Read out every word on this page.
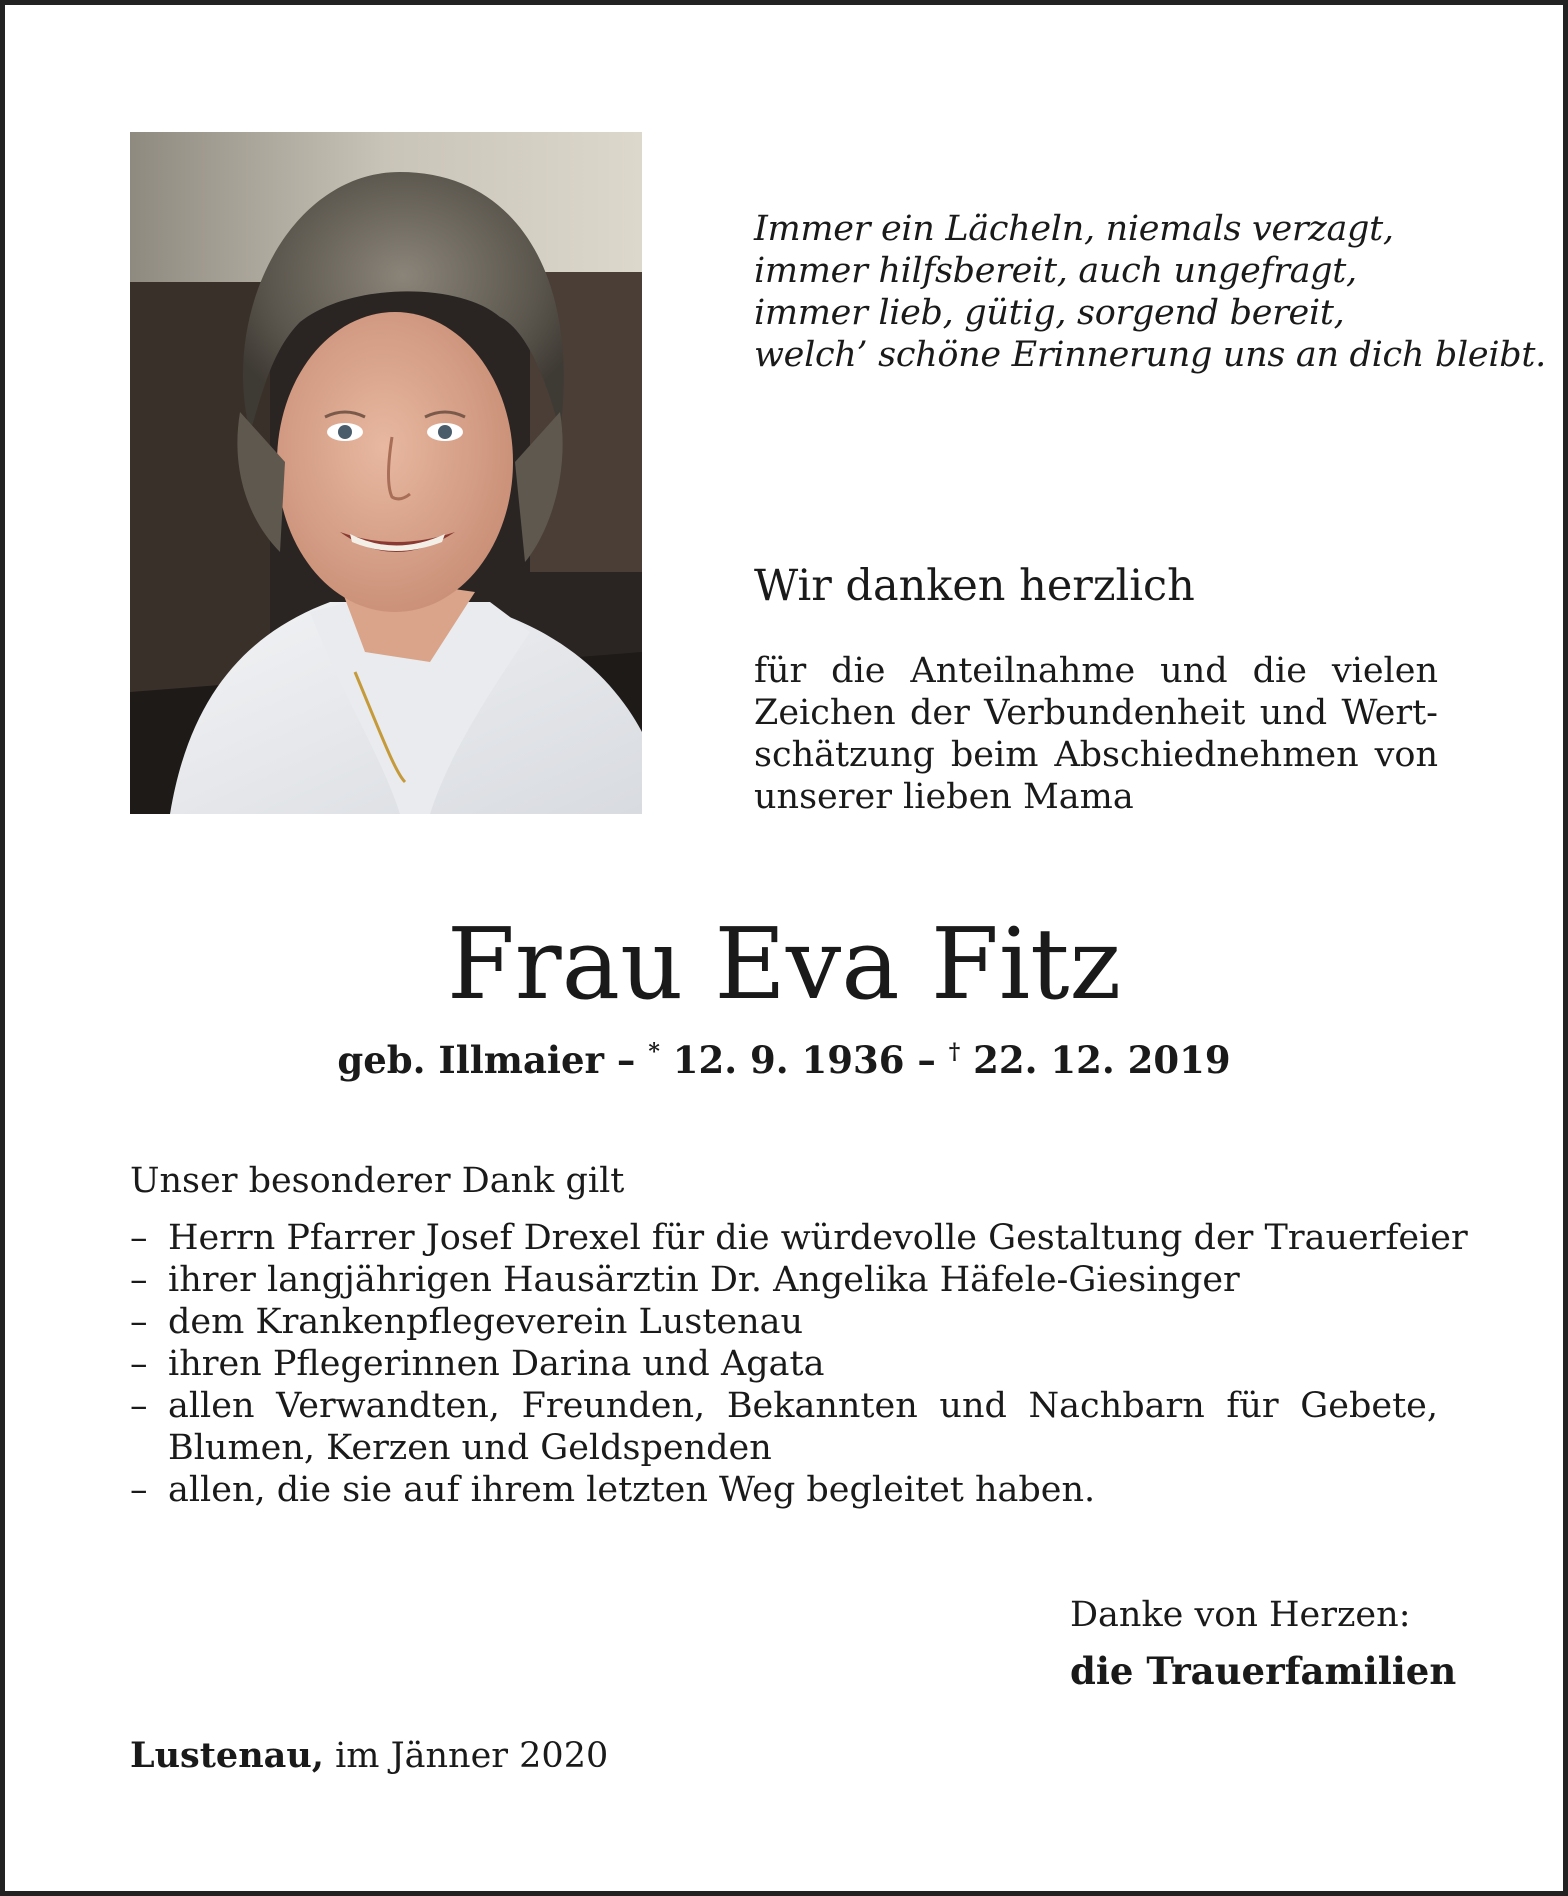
Immer ein Lächeln, niemals verzagt,
immer hilfsbereit, auch ungefragt,
immer lieb, gütig, sorgend bereit,
welch’ schöne Erinnerung uns an dich bleibt.
Wir danken herzlich
für die Anteilnahme und die vielen
Zeichen der Verbundenheit und Wert-
schätzung beim Abschiednehmen von
unserer lieben Mama
Frau Eva Fitz
geb. Illmaier – * 12. 9. 1936 – † 22. 12. 2019
Unser besonderer Dank gilt
– Herrn Pfarrer Josef Drexel für die würdevolle Gestaltung der Trauerfeier
– ihrer langjährigen Hausärztin Dr. Angelika Häfele-Giesinger
– dem Krankenpflegeverein Lustenau
– ihren Pflegerinnen Darina und Agata
– allen Verwandten, Freunden, Bekannten und Nachbarn für Gebete,
Blumen, Kerzen und Geldspenden
– allen, die sie auf ihrem letzten Weg begleitet haben.
Danke von Herzen:
die Trauerfamilien
Lustenau, im Jänner 2020
